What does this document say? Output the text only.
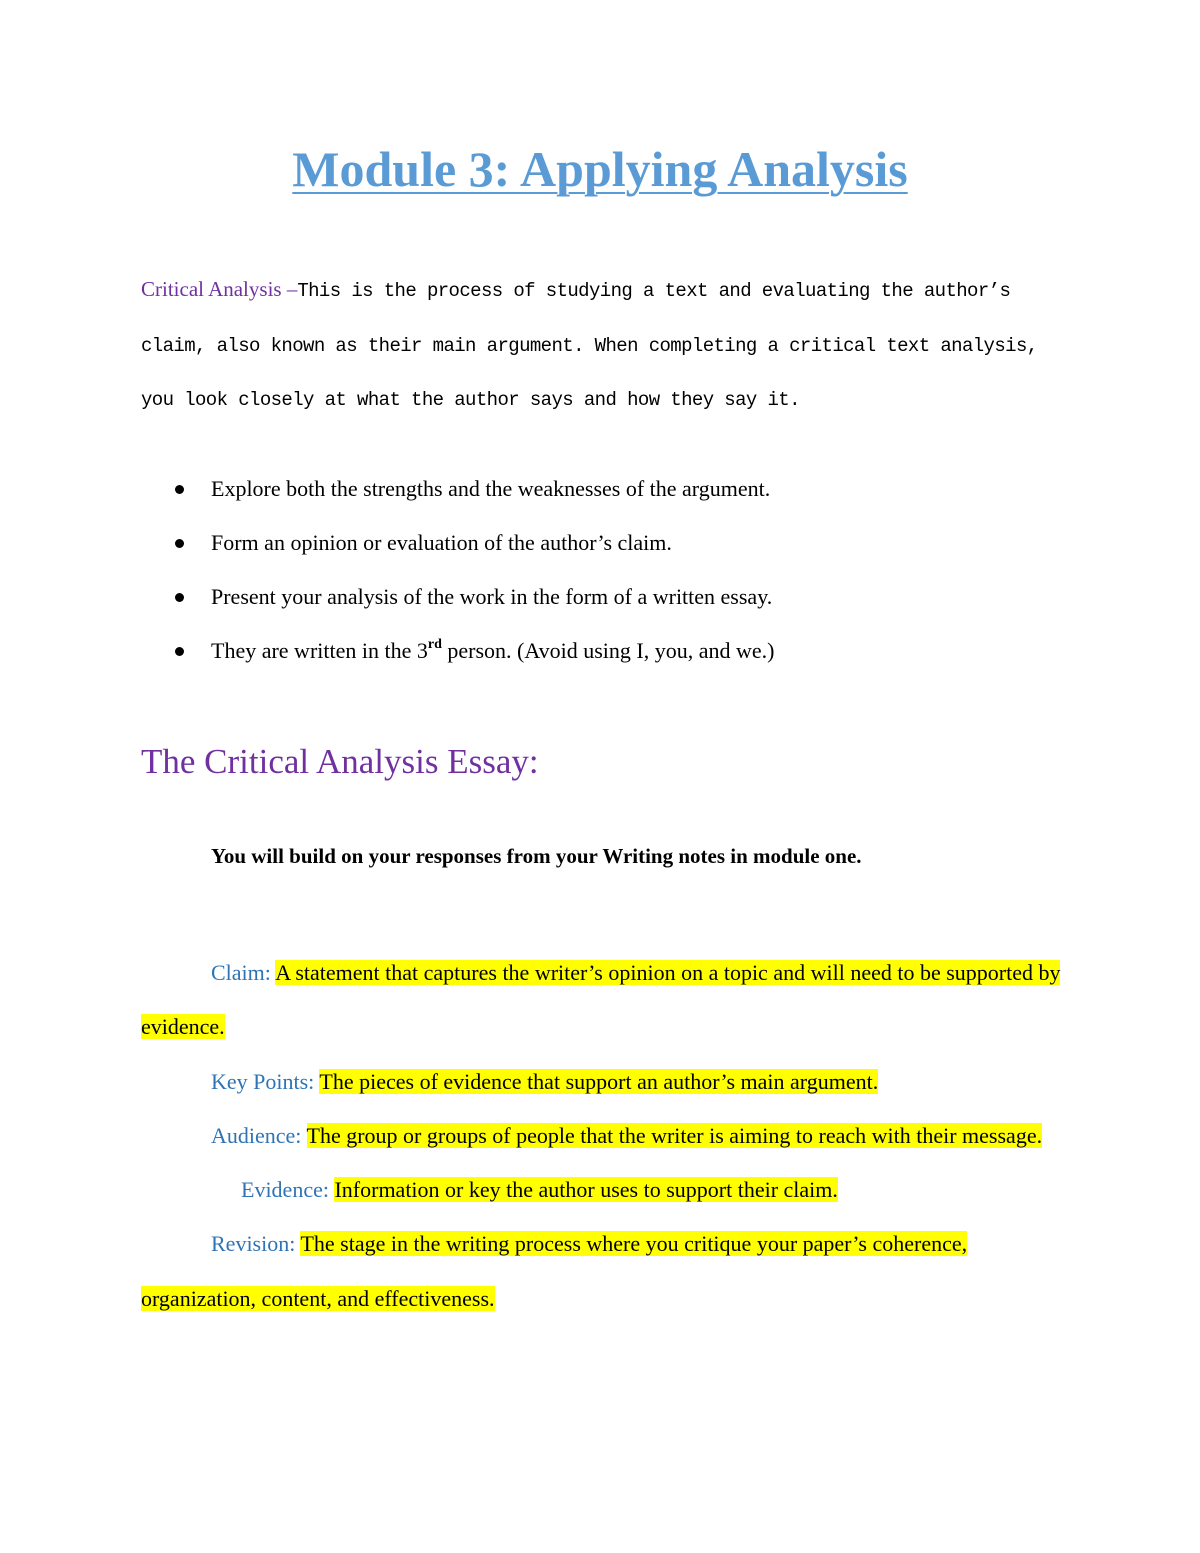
Module 3: Applying Analysis

Critical Analysis –This is the process of studying a text and evaluating the author’s claim, also known as their main argument. When completing a critical text analysis, you look closely at what the author says and how they say it.

Explore both the strengths and the weaknesses of the argument.
Form an opinion or evaluation of the author’s claim.
Present your analysis of the work in the form of a written essay.
They are written in the 3rd person. (Avoid using I, you, and we.)
The Critical Analysis Essay:

You will build on your responses from your Writing notes in module one.

Claim: A statement that captures the writer’s opinion on a topic and will need to be supported by evidence.

Key Points: The pieces of evidence that support an author’s main argument.

Audience: The group or groups of people that the writer is aiming to reach with their message.

Evidence: Information or key the author uses to support their claim.

Revision: The stage in the writing process where you critique your paper’s coherence, organization, content, and effectiveness.
